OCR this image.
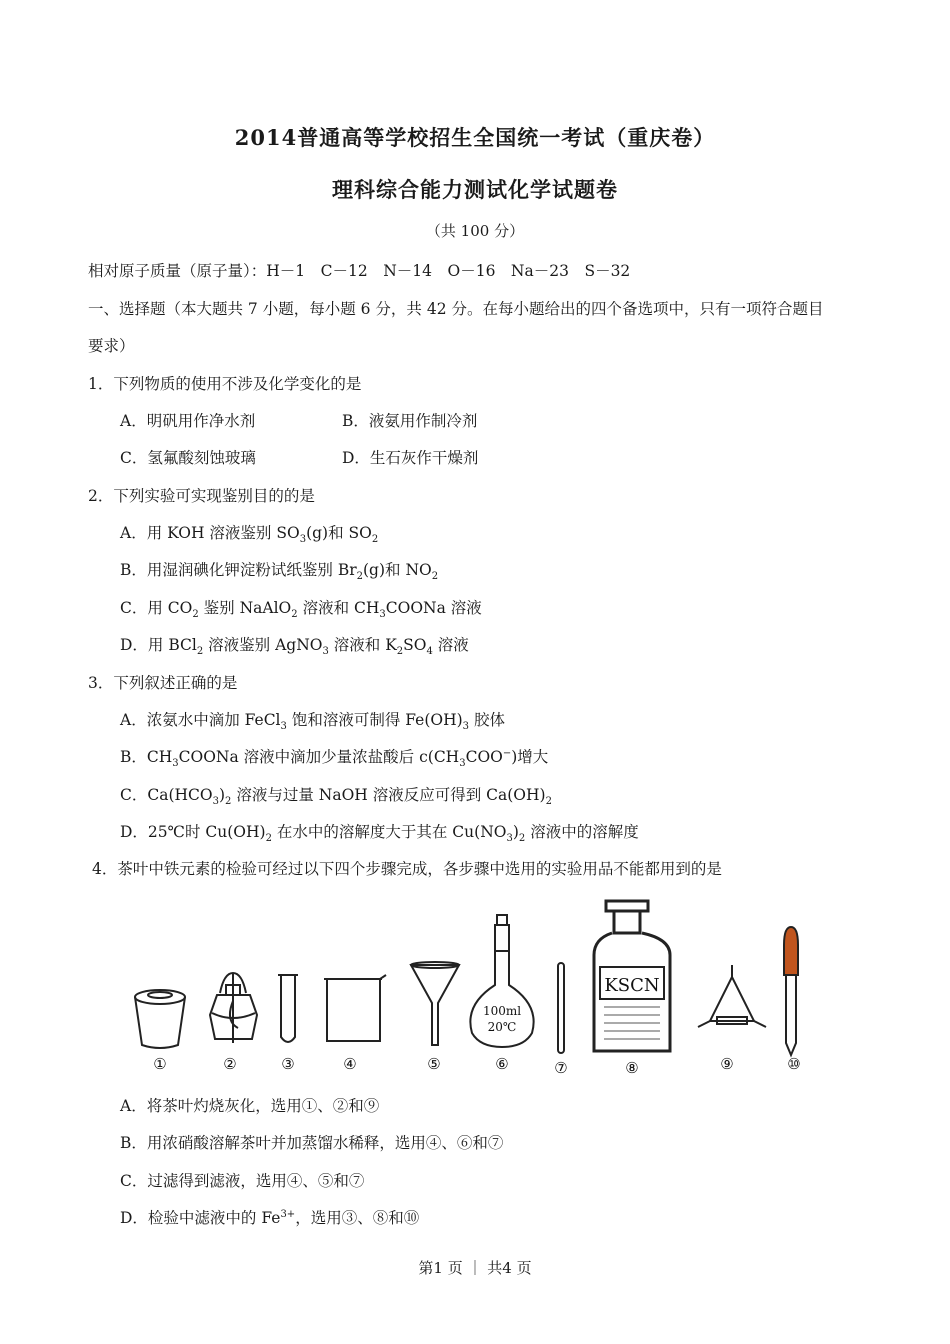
2014普通高等学校招生全国统一考试（重庆卷）
理科综合能力测试化学试题卷
（共 100 分）
相对原子质量（原子量）：H－1　C－12　N－14　O－16　Na－23　S－32
一、选择题（本大题共 7 小题，每小题 6 分，共 42 分。在每小题给出的四个备选项中，只有一项符合题目
要求）
1．下列物质的使用不涉及化学变化的是
A．明矾用作净水剂	B．液氨用作制冷剂
C．氢氟酸刻蚀玻璃	D．生石灰作干燥剂
2．下列实验可实现鉴别目的的是
A．用 KOH 溶液鉴别 $SO_3(g)$和 $SO_2$
B．用湿润碘化钾淀粉试纸鉴别 $Br_2(g)$和 $NO_2$
C．用 $CO_2$ 鉴别 NaAlO$_2$ 溶液和 $CH_3COONa$ 溶液
D．用 BCl$_2$ 溶液鉴别 AgNO$_3$ 溶液和 $K_2SO_4$ 溶液
3．下列叙述正确的是
A．浓氨水中滴加 FeCl$_3$ 饱和溶液可制得 $Fe(OH)_3$ 胶体
B．$CH_3COONa$ 溶液中滴加少量浓盐酸后 $c(CH_3COO^-)$增大
C．$Ca(HCO_3)_2$ 溶液与过量 NaOH 溶液反应可得到 $Ca(OH)_2$
D．25℃时 $Cu(OH)_2$ 在水中的溶解度大于其在 $Cu(NO_3)_2$ 溶液中的溶解度
4．茶叶中铁元素的检验可经过以下四个步骤完成，各步骤中选用的实验用品不能都用到的是
KSCN
100ml
20℃
①	②	③	④	⑤	⑥	⑦	⑧	⑨	⑩
A．将茶叶灼烧灰化，选用①、②和⑨
B．用浓硝酸溶解茶叶并加蒸馏水稀释，选用④、⑥和⑦
C．过滤得到滤液，选用④、⑤和⑦
D．检验中滤液中的 $Fe^{3+}$，选用③、⑧和⑩
第1 页 ｜ 共4 页
